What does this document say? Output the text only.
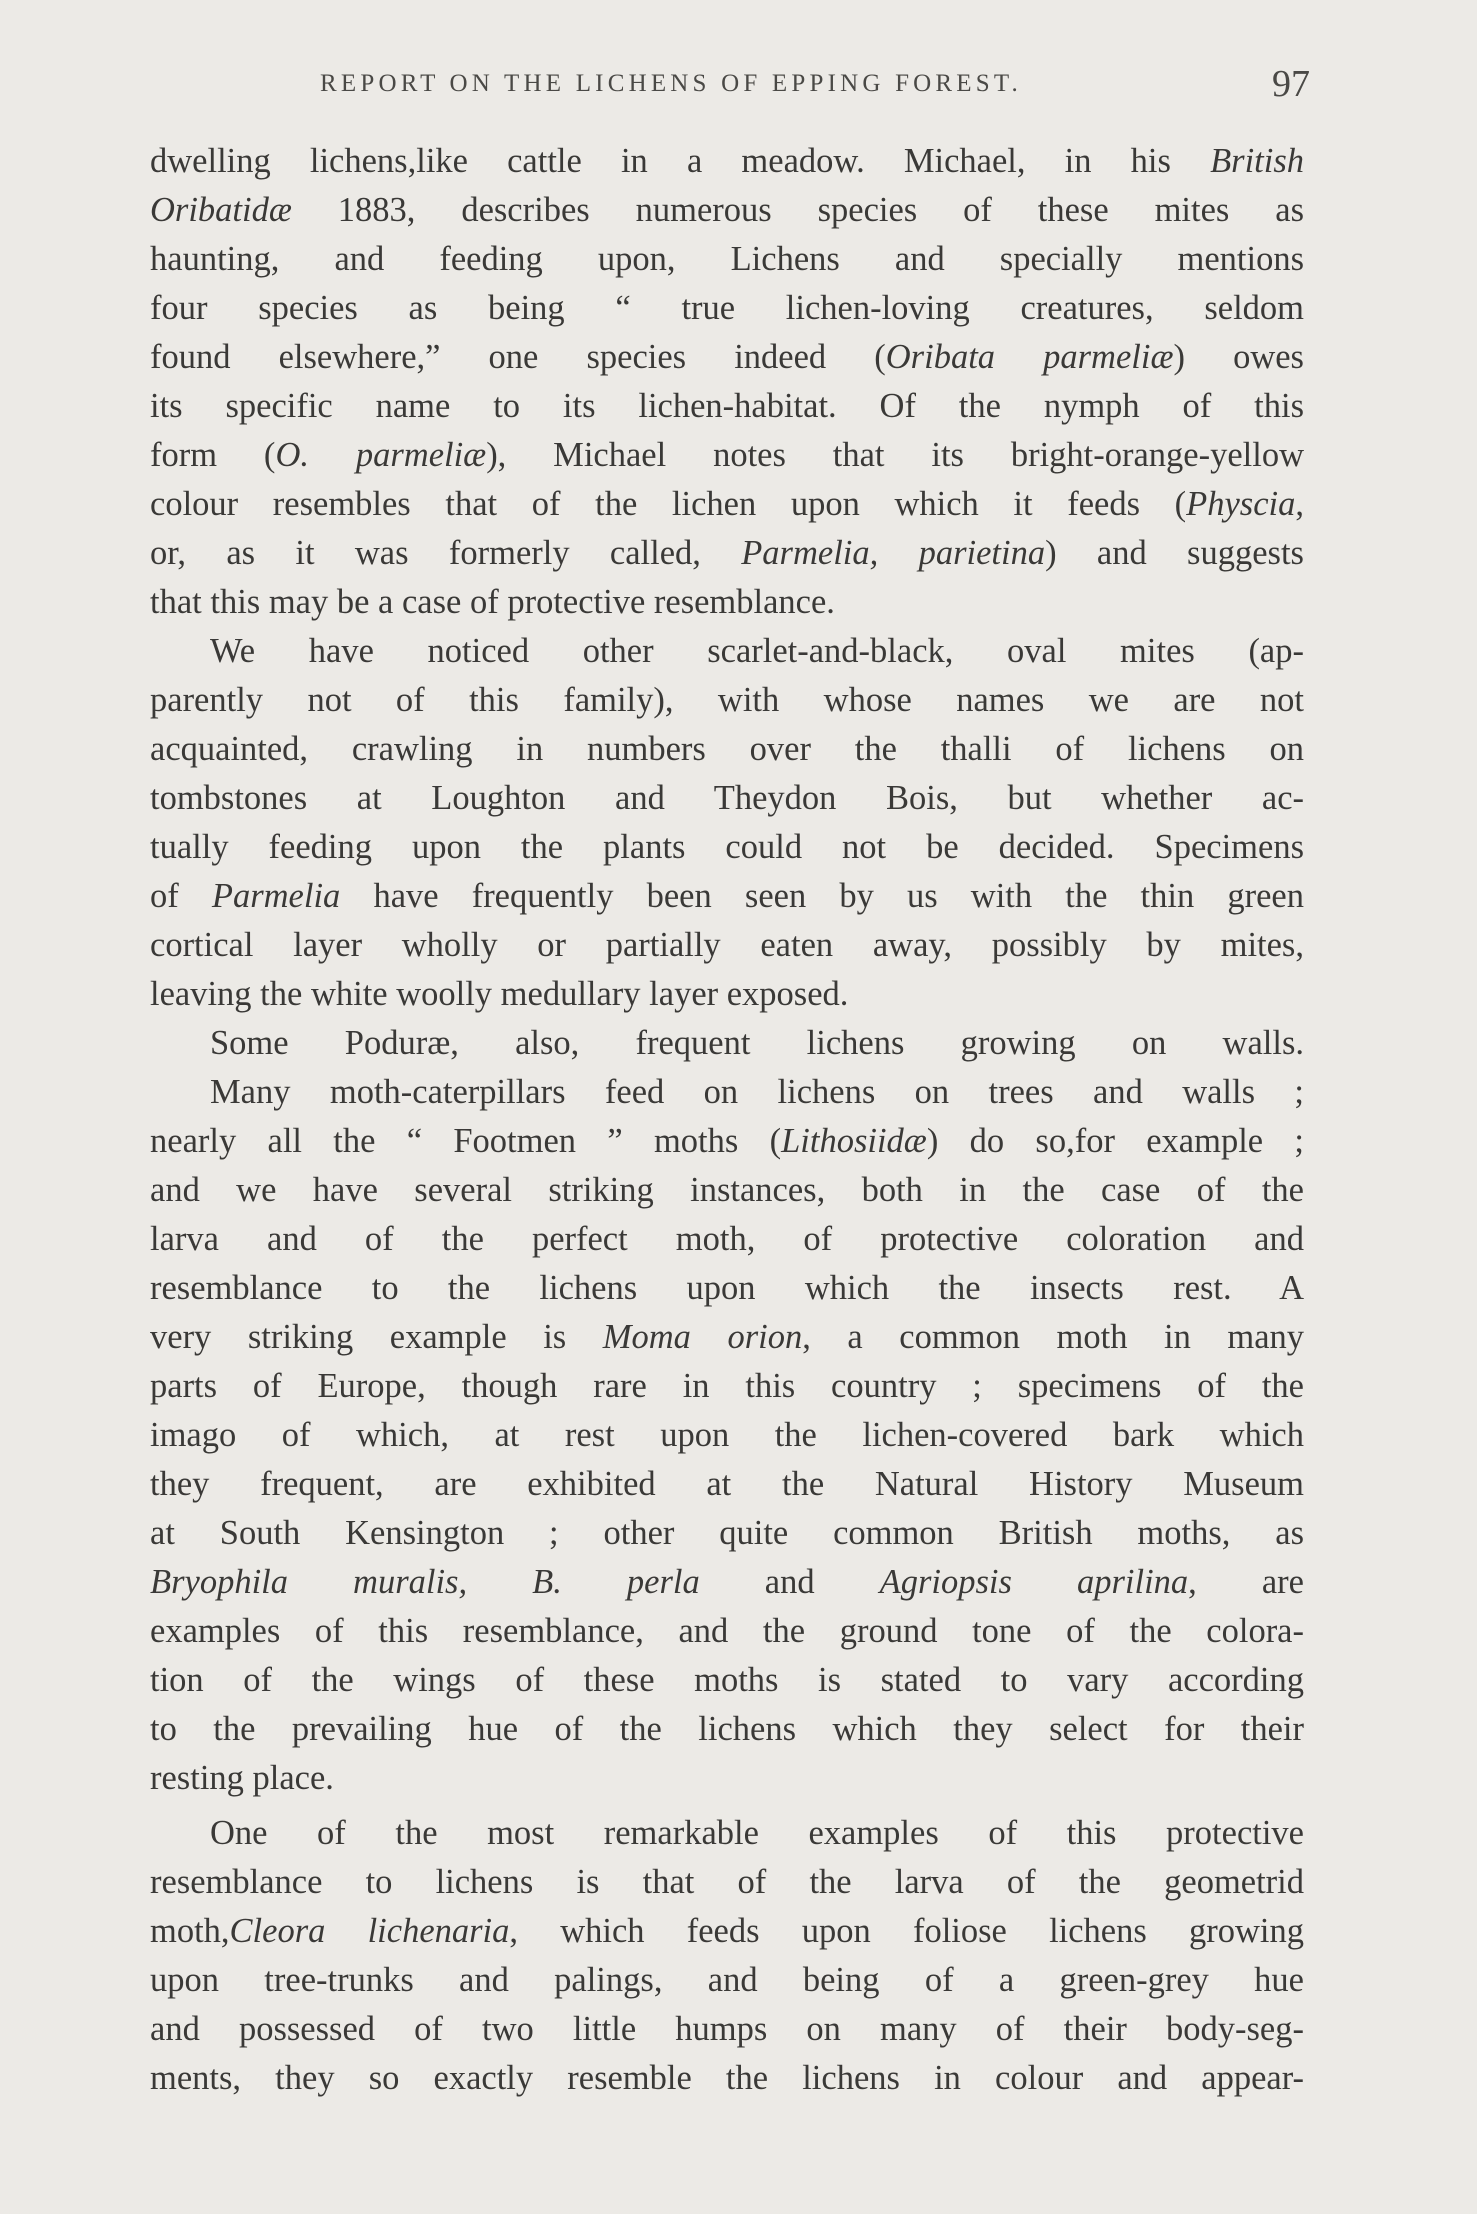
REPORT ON THE LICHENS OF EPPING FOREST.	97
dwelling lichens,like cattle in a meadow. Michael, in his British
Oribatidæ 1883, describes numerous species of these mites as
haunting, and feeding upon, Lichens and specially mentions
four species as being “ true lichen-loving creatures, seldom
found elsewhere,” one species indeed (Oribata parmeliæ) owes
its specific name to its lichen-habitat. Of the nymph of this
form (O. parmeliæ), Michael notes that its bright-orange-yellow
colour resembles that of the lichen upon which it feeds (Physcia,
or, as it was formerly called, Parmelia, parietina) and suggests
that this may be a case of protective resemblance.
We have noticed other scarlet-and-black, oval mites (ap-
parently not of this family), with whose names we are not
acquainted, crawling in numbers over the thalli of lichens on
tombstones at Loughton and Theydon Bois, but whether ac-
tually feeding upon the plants could not be decided. Specimens
of Parmelia have frequently been seen by us with the thin green
cortical layer wholly or partially eaten away, possibly by mites,
leaving the white woolly medullary layer exposed.
Some Poduræ, also, frequent lichens growing on walls.
Many moth-caterpillars feed on lichens on trees and walls ;
nearly all the “ Footmen ” moths (Lithosiidæ) do so,for example ;
and we have several striking instances, both in the case of the
larva and of the perfect moth, of protective coloration and
resemblance to the lichens upon which the insects rest. A
very striking example is Moma orion, a common moth in many
parts of Europe, though rare in this country ; specimens of the
imago of which, at rest upon the lichen-covered bark which
they frequent, are exhibited at the Natural History Museum
at South Kensington ; other quite common British moths, as
Bryophila muralis, B. perla and Agriopsis aprilina, are
examples of this resemblance, and the ground tone of the colora-
tion of the wings of these moths is stated to vary according
to the prevailing hue of the lichens which they select for their
resting place.
One of the most remarkable examples of this protective
resemblance to lichens is that of the larva of the geometrid
moth,Cleora lichenaria, which feeds upon foliose lichens growing
upon tree-trunks and palings, and being of a green-grey hue
and possessed of two little humps on many of their body-seg-
ments, they so exactly resemble the lichens in colour and appear-
